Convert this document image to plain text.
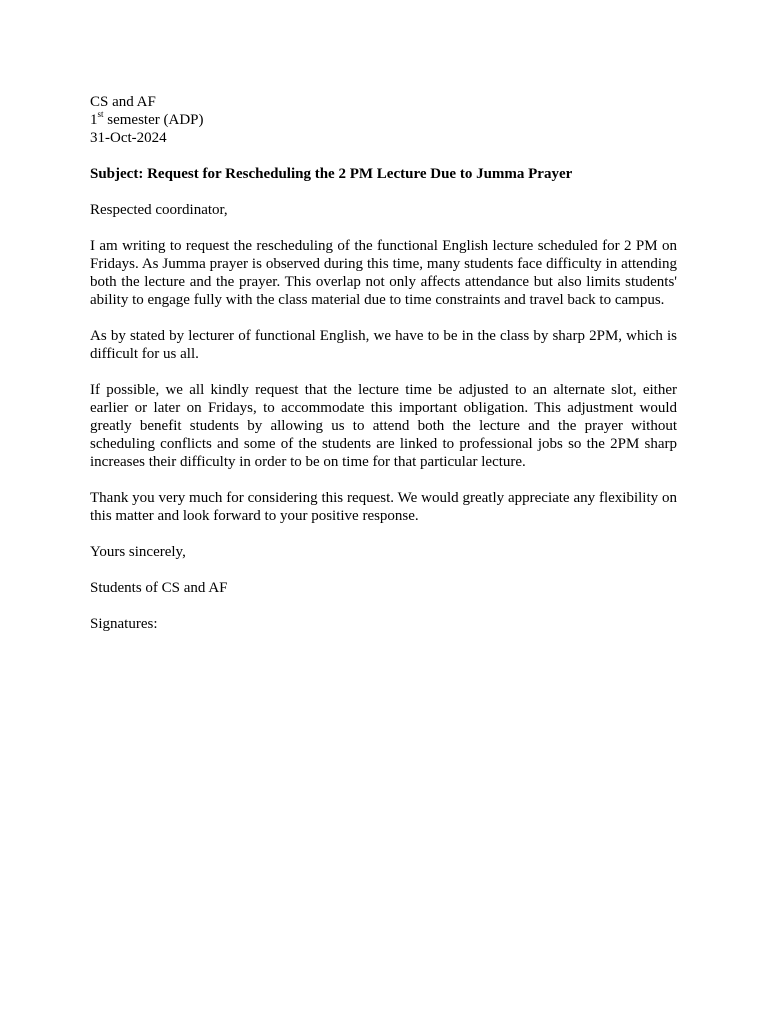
CS and AF
1st semester (ADP)
31-Oct-2024
Subject: Request for Rescheduling the 2 PM Lecture Due to Jumma Prayer
Respected coordinator,

I am writing to request the rescheduling of the functional English lecture scheduled for 2 PM on Fridays. As Jumma prayer is observed during this time, many students face difficulty in attending both the lecture and the prayer. This overlap not only affects attendance but also limits students' ability to engage fully with the class material due to time constraints and travel back to campus.

As by stated by lecturer of functional English, we have to be in the class by sharp 2PM, which is difficult for us all.

If possible, we all kindly request that the lecture time be adjusted to an alternate slot, either earlier or later on Fridays, to accommodate this important obligation. This adjustment would greatly benefit students by allowing us to attend both the lecture and the prayer without scheduling conflicts and some of the students are linked to professional jobs so the 2PM sharp increases their difficulty in order to be on time for that particular lecture.

Thank you very much for considering this request. We would greatly appreciate any flexibility on this matter and look forward to your positive response.

Yours sincerely,
Students of CS and AF
Signatures:
